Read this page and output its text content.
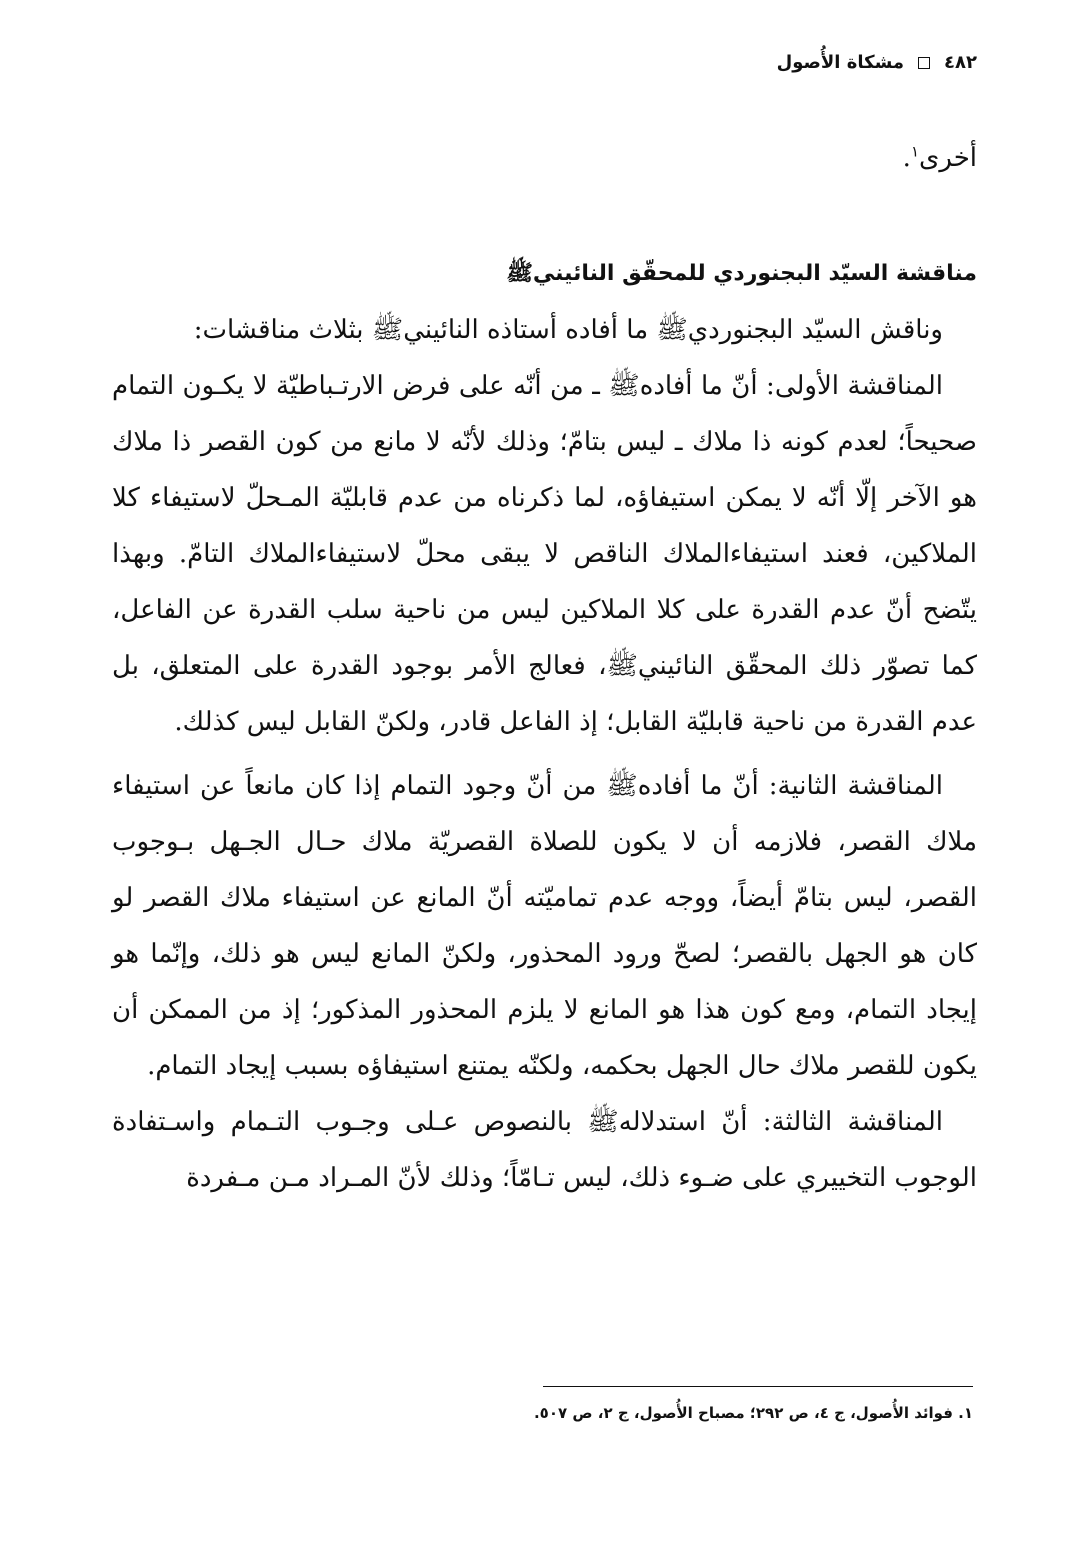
٤٨٢
مشكاة الأُصول

أخرى$^١$.

مناقشة السيّد البجنوردي للمحقّق النائينيﷺ

وناقش السيّد البجنورديﷺ ما أفاده أستاذه النائينيﷺ بثلاث مناقشات:

المناقشة الأولى: أنّ ما أفادهﷺ ـ من أنّه على فرض الارتـباطيّة لا يكـون التمام صحيحاً؛ لعدم كونه ذا ملاك ـ ليس بتامّ؛ وذلك لأنّه لا مانع من كون القصر ذا ملاك هو الآخر إلّا أنّه لا يمكن استيفاؤه، لما ذكرناه من عدم قابليّة المـحلّ لاستيفاء كلا الملاكين، فعند استيفاءالملاك الناقص لا يبقى محلّ لاستيفاءالملاك التامّ. وبهذا يتّضح أنّ عدم القدرة على كلا الملاكين ليس من ناحية سلب القدرة عن الفاعل، كما تصوّر ذلك المحقّق النائينيﷺ، فعالج الأمر بوجود القدرة على المتعلق، بل عدم القدرة من ناحية قابليّة القابل؛ إذ الفاعل قادر، ولكنّ القابل ليس كذلك.

المناقشة الثانية: أنّ ما أفادهﷺ من أنّ وجود التمام إذا كان مانعاً عن استيفاء ملاك القصر، فلازمه أن لا يكون للصلاة القصريّة ملاك حـال الجـهل بـوجوب القصر، ليس بتامّ أيضاً، ووجه عدم تماميّته أنّ المانع عن استيفاء ملاك القصر لو كان هو الجهل بالقصر؛ لصحّ ورود المحذور، ولكنّ المانع ليس هو ذلك، وإنّما هو إيجاد التمام، ومع كون هذا هو المانع لا يلزم المحذور المذكور؛ إذ من الممكن أن يكون للقصر ملاك حال الجهل بحكمه، ولكنّه يمتنع استيفاؤه بسبب إيجاد التمام.

المناقشة الثالثة: أنّ استدلالهﷺ بالنصوص عـلى وجـوب التـمام واسـتفادة الوجوب التخييري على ضـوء ذلك، ليس تـامّاً؛ وذلك لأنّ المـراد مـن مـفردة

١. فوائد الأُصول، ج ٤، ص ٢٩٢؛ مصباح الأُصول، ج ٢، ص ٥٠٧.
